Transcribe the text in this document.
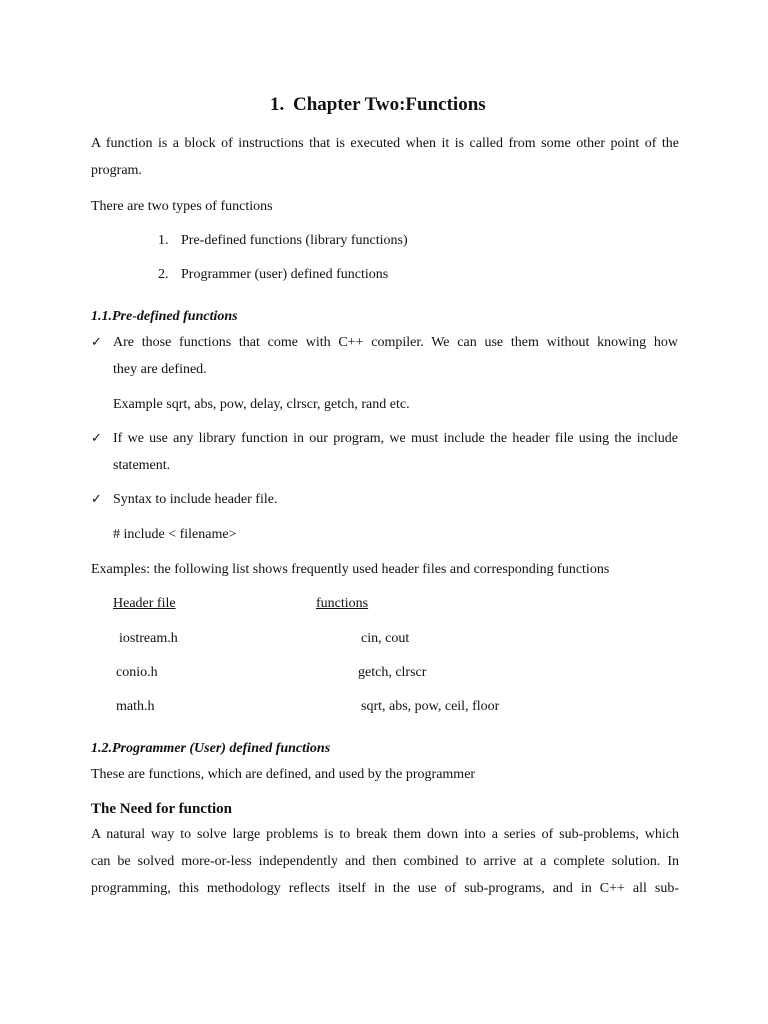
1. Chapter Two:Functions
A function is a block of instructions that is executed when it is called from some other point of the
program.
There are two types of functions
1. Pre-defined functions (library functions)
2. Programmer (user) defined functions
1.1.Pre-defined functions
✓ Are those functions that come with C++ compiler. We can use them without knowing how
they are defined.
Example sqrt, abs, pow, delay, clrscr, getch, rand etc.
✓ If we use any library function in our program, we must include the header file using the include
statement.
✓ Syntax to include header file.
# include < filename>
Examples: the following list shows frequently used header files and corresponding functions
Header file	functions
iostream.h	cin, cout
conio.h	getch, clrscr
math.h	sqrt, abs, pow, ceil, floor
1.2.Programmer (User) defined functions
These are functions, which are defined, and used by the programmer
The Need for function
A natural way to solve large problems is to break them down into a series of sub-problems, which
can be solved more-or-less independently and then combined to arrive at a complete solution. In
programming, this methodology reflects itself in the use of sub-programs, and in C++ all sub-
